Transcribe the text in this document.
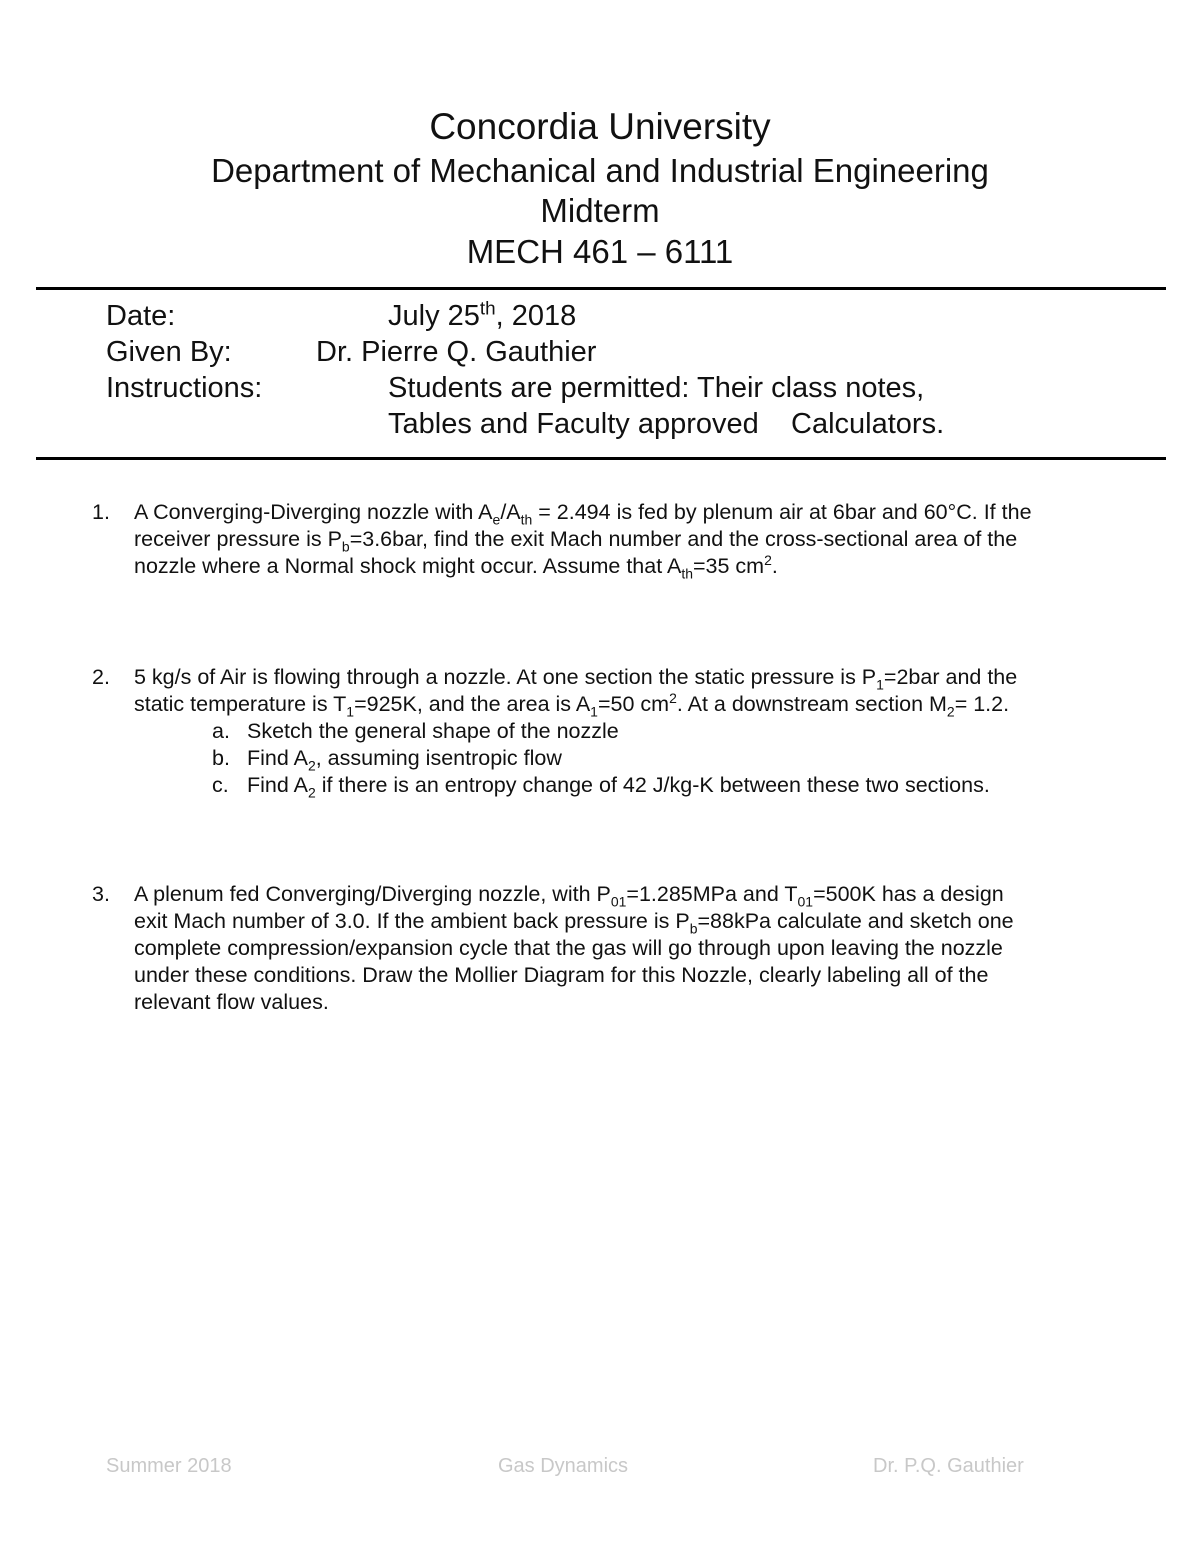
Concordia University
Department of Mechanical and Industrial Engineering
Midterm
MECH 461 – 6111
Date:	July 25th, 2018
Given By:	Dr. Pierre Q. Gauthier
Instructions:	Students are permitted: Their class notes,
Tables and Faculty approved    Calculators.
1. A Converging-Diverging nozzle with $A_e/A_{th} = 2.494$ is fed by plenum air at 6bar and 60°C. If the
receiver pressure is $P_b=3.6bar$, find the exit Mach number and the cross-sectional area of the
nozzle where a Normal shock might occur. Assume that $A_{th}=35$ $cm^2$.
2. 5 kg/s of Air is flowing through a nozzle. At one section the static pressure is $P_1=2bar$ and the
static temperature is $T_1=925K$, and the area is $A_1=50$ $cm^2$. At a downstream section $M_2= 1.2$.
a. Sketch the general shape of the nozzle
b. Find $A_2$, assuming isentropic flow
c. Find $A_2$ if there is an entropy change of 42 J/kg-K between these two sections.
3. A plenum fed Converging/Diverging nozzle, with $P_{01}=1.285MPa$ and $T_{01}=500K$ has a design
exit Mach number of 3.0. If the ambient back pressure is $P_b=88kPa$ calculate and sketch one
complete compression/expansion cycle that the gas will go through upon leaving the nozzle
under these conditions. Draw the Mollier Diagram for this Nozzle, clearly labeling all of the
relevant flow values.
Summer 2018	Gas Dynamics	Dr. P.Q. Gauthier
